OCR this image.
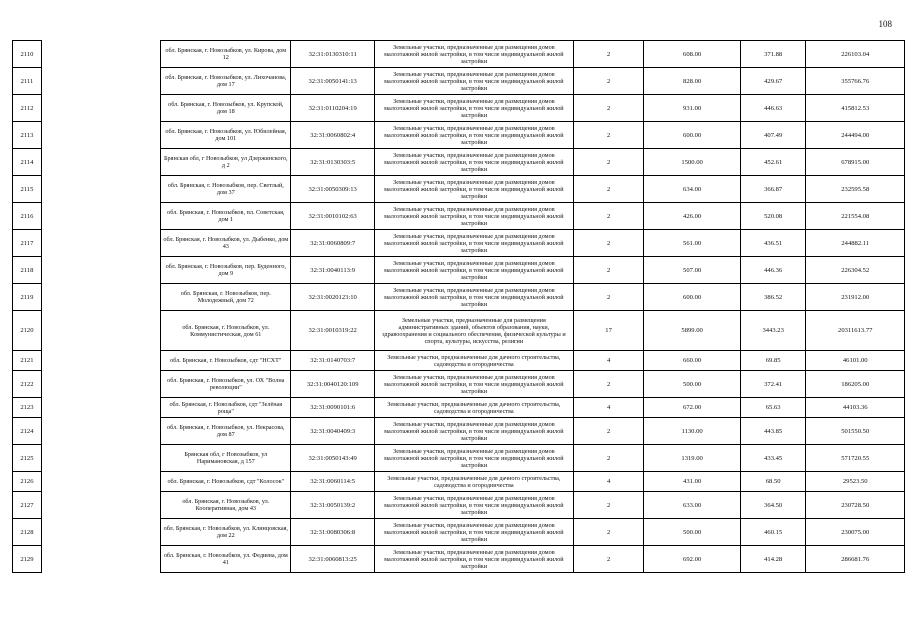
108
2110		обл. Брянская, г. Новозыбков, ул. Кирова, дом 12	32:31:0130310:11	Земельные участки, предназначенные для размещения домов малоэтажной жилой застройки, в том числе индивидуальной жилой застройки	2	608.00	371.88	226103.04
2111		обл. Брянская, г. Новозыбков, ул. Лихочанова, дом 17	32:31:0050141:13	Земельные участки, предназначенные для размещения домов малоэтажной жилой застройки, в том числе индивидуальной жилой застройки	2	828.00	429.67	355766.76
2112		обл. Брянская, г. Новозыбков, ул. Крупской, дом 18	32:31:0110204:19	Земельные участки, предназначенные для размещения домов малоэтажной жилой застройки, в том числе индивидуальной жилой застройки	2	931.00	446.63	415812.53
2113		обл. Брянская, г. Новозыбков, ул. Юбилейная, дом 101	32:31:0060802:4	Земельные участки, предназначенные для размещения домов малоэтажной жилой застройки, в том числе индивидуальной жилой застройки	2	600.00	407.49	244494.00
2114		Брянская обл, г Новозыбков, ул Дзержинского, д 2	32:31:0130303:5	Земельные участки, предназначенные для размещения домов малоэтажной жилой застройки, в том числе индивидуальной жилой застройки	2	1500.00	452.61	678915.00
2115		обл. Брянская, г. Новозыбков, пер. Светлый, дом 37	32:31:0050309:13	Земельные участки, предназначенные для размещения домов малоэтажной жилой застройки, в том числе индивидуальной жилой застройки	2	634.00	366.87	232595.58
2116		обл. Брянская, г. Новозыбков, пл. Советская, дом 1	32:31:0010102:63	Земельные участки, предназначенные для размещения домов малоэтажной жилой застройки, в том числе индивидуальной жилой застройки	2	426.00	520.08	221554.08
2117		обл. Брянская, г. Новозыбков, ул. Дыбенко, дом 43	32:31:0060809:7	Земельные участки, предназначенные для размещения домов малоэтажной жилой застройки, в том числе индивидуальной жилой застройки	2	561.00	436.51	244882.11
2118		обл. Брянская, г. Новозыбков, пер. Буденного, дом 9	32:31:0040113:9	Земельные участки, предназначенные для размещения домов малоэтажной жилой застройки, в том числе индивидуальной жилой застройки	2	507.00	446.36	226304.52
2119		обл. Брянская, г. Новозыбков, пер. Молодежный, дом 72	32:31:0020123:10	Земельные участки, предназначенные для размещения домов малоэтажной жилой застройки, в том числе индивидуальной жилой застройки	2	600.00	386.52	231912.00
2120		обл. Брянская, г. Новозыбков, ул. Коммунистическая, дом 61	32:31:0010319:22	Земельные участки, предназначенные для размещения административных зданий, объектов образования, науки, здравоохранения и социального обеспечения, физической культуры и спорта, культуры, искусства, религии	17	5899.00	3443.23	20311613.77
2121		обл. Брянская, г. Новозыбков, сдт "НСХТ"	32:31:0140703:7	Земельные участки, предназначенные для дачного строительства, садоводства и огородничества	4	660.00	69.85	46101.00
2122		обл. Брянская, г. Новозыбков, ул. ОХ "Волна революции"	32:31:0040120:109	Земельные участки, предназначенные для размещения домов малоэтажной жилой застройки, в том числе индивидуальной жилой застройки	2	500.00	372.41	186205.00
2123		обл. Брянская, г. Новозыбков, сдт "Зелёная роща"	32:31:0090101:6	Земельные участки, предназначенные для дачного строительства, садоводства и огородничества	4	672.00	65.63	44103.36
2124		обл. Брянская, г. Новозыбков, ул. Некрасова, дом 87	32:31:0040409:3	Земельные участки, предназначенные для размещения домов малоэтажной жилой застройки, в том числе индивидуальной жилой застройки	2	1130.00	443.85	501550.50
2125		Брянская обл, г Новозыбков, ул Наримановская, д 157	32:31:0050143:49	Земельные участки, предназначенные для размещения домов малоэтажной жилой застройки, в том числе индивидуальной жилой застройки	2	1319.00	433.45	571720.55
2126		обл. Брянская, г. Новозыбков, сдт "Колосок"	32:31:0060114:5	Земельные участки, предназначенные для дачного строительства, садоводства и огородничества	4	431.00	68.50	29523.50
2127		обл. Брянская, г. Новозыбков, ул. Кооперативная, дом 43	32:31:0050139:2	Земельные участки, предназначенные для размещения домов малоэтажной жилой застройки, в том числе индивидуальной жилой застройки	2	633.00	364.50	230728.50
2128		обл. Брянская, г. Новозыбков, ул. Клинцовская, дом 22	32:31:0080306:8	Земельные участки, предназначенные для размещения домов малоэтажной жилой застройки, в том числе индивидуальной жилой застройки	2	500.00	460.15	230075.00
2129		обл. Брянская, г. Новозыбков, ул. Федиева, дом 41	32:31:0060813:25	Земельные участки, предназначенные для размещения домов малоэтажной жилой застройки, в том числе индивидуальной жилой застройки	2	692.00	414.28	286681.76
